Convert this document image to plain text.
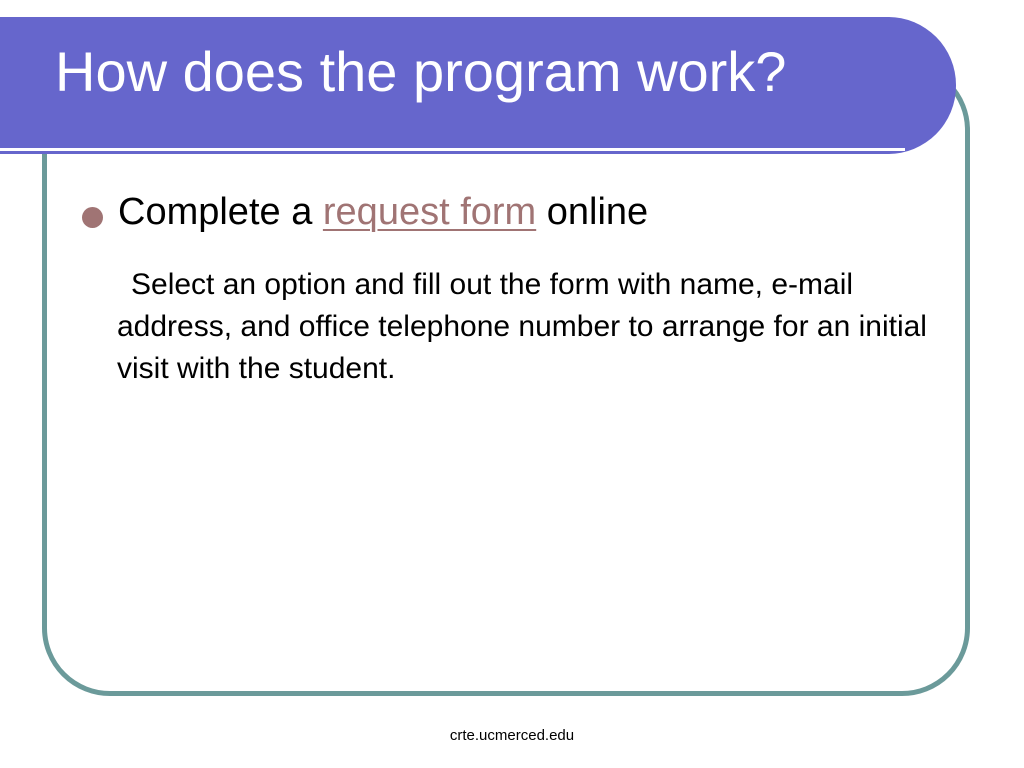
How does the program work?

Complete a request form online

Select an option and fill out the form with name, e-mail address, and office telephone number to arrange for an initial visit with the student.

crte.ucmerced.edu
